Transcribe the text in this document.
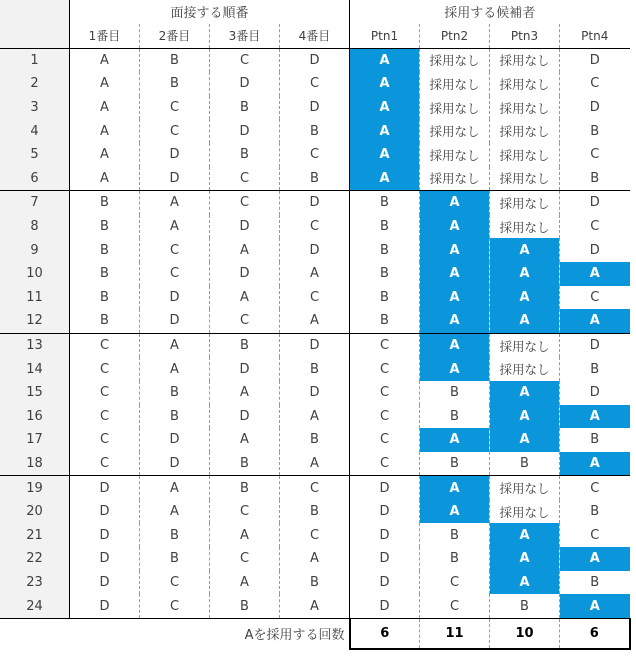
	面接する順番				採用する候補者			
	1番目	2番目	3番目	4番目	Ptn1	Ptn2	Ptn3	Ptn4
1	A	B	C	D	A	採用なし	採用なし	D
2	A	B	D	C	A	採用なし	採用なし	C
3	A	C	B	D	A	採用なし	採用なし	D
4	A	C	D	B	A	採用なし	採用なし	B
5	A	D	B	C	A	採用なし	採用なし	C
6	A	D	C	B	A	採用なし	採用なし	B
7	B	A	C	D	B	A	採用なし	D
8	B	A	D	C	B	A	採用なし	C
9	B	C	A	D	B	A	A	D
10	B	C	D	A	B	A	A	A
11	B	D	A	C	B	A	A	C
12	B	D	C	A	B	A	A	A
13	C	A	B	D	C	A	採用なし	D
14	C	A	D	B	C	A	採用なし	B
15	C	B	A	D	C	B	A	D
16	C	B	D	A	C	B	A	A
17	C	D	A	B	C	A	A	B
18	C	D	B	A	C	B	B	A
19	D	A	B	C	D	A	採用なし	C
20	D	A	C	B	D	A	採用なし	B
21	D	B	A	C	D	B	A	C
22	D	B	C	A	D	B	A	A
23	D	C	A	B	D	C	A	B
24	D	C	B	A	D	C	B	A
Aを採用する回数					6	11	10	6
